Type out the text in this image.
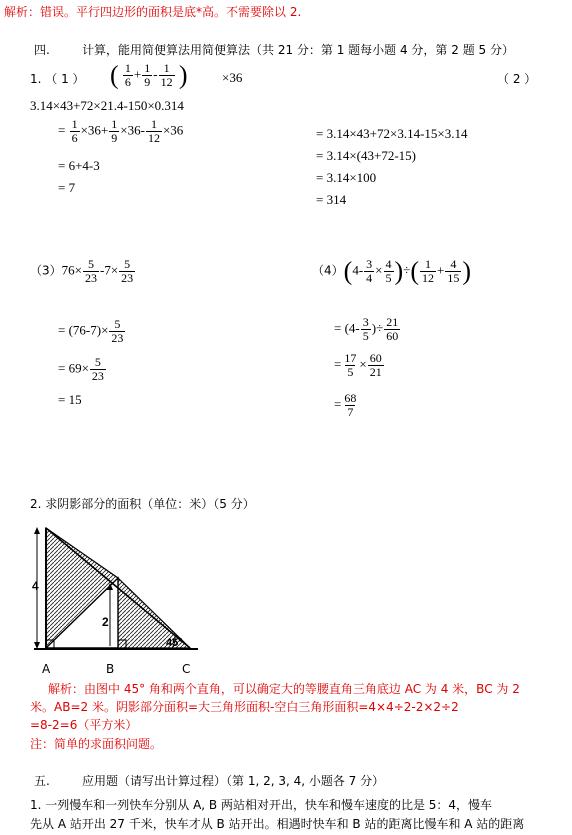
解析：错误。平行四边形的面积是底*高。不需要除以 2.
四.	计算，能用简便算法用简便算法（共 21 分：第 1 题每小题 4 分，第 2 题 5 分）
1. （ 1 ） ( $\frac{1}{6} + \frac{1}{9} - \frac{1}{12}$ )	×36	（ 2 ）
3.14×43+72×21.4-150×0.314
= $\frac{1}{6} \times 36+ \frac{1}{9} \times 36- \frac{1}{12} \times 36$
= 6+4-3
= 7
= 3.14×43+72×3.14-15×3.14
= 3.14×(43+72-15)
= 3.14×100
= 314
$(3)76\times \frac{5}{23} -7\times \frac{5}{23}$
= $(76-7)\times \frac{5}{23}$
= $69\times \frac{5}{23}$
= 15
$(4)(4- \frac{3}{4} \times \frac{4}{5}$ )÷( $\frac{1}{12} + \frac{4}{15}$ )
= ($4- \frac{3}{5}$ )÷ $\frac{21}{60}$
= $\frac{17}{5} \times \frac{60}{21}$
= $\frac{68}{7}$
2. 求阴影部分的面积（单位：米）（5 分）
4
2
45°
A	B	C
解析：由图中 45° 角和两个直角，可以确定大的等腰直角三角底边 AC 为 4 米，BC 为 2
米。AB=2 米。阴影部分面积=大三角形面积-空白三角形面积=4×4÷2-2×2÷2
=8-2=6（平方米）
注：简单的求面积问题。
五.	应用题（请写出计算过程）（第 1, 2, 3, 4, 小题各 7 分）
1. 一列慢车和一列快车分别从 A, B 两站相对开出，快车和慢车速度的比是 5：4，慢车
先从 A 站开出 27 千米，快车才从 B 站开出。相遇时快车和 B 站的距离比慢车和 A 站的距离
